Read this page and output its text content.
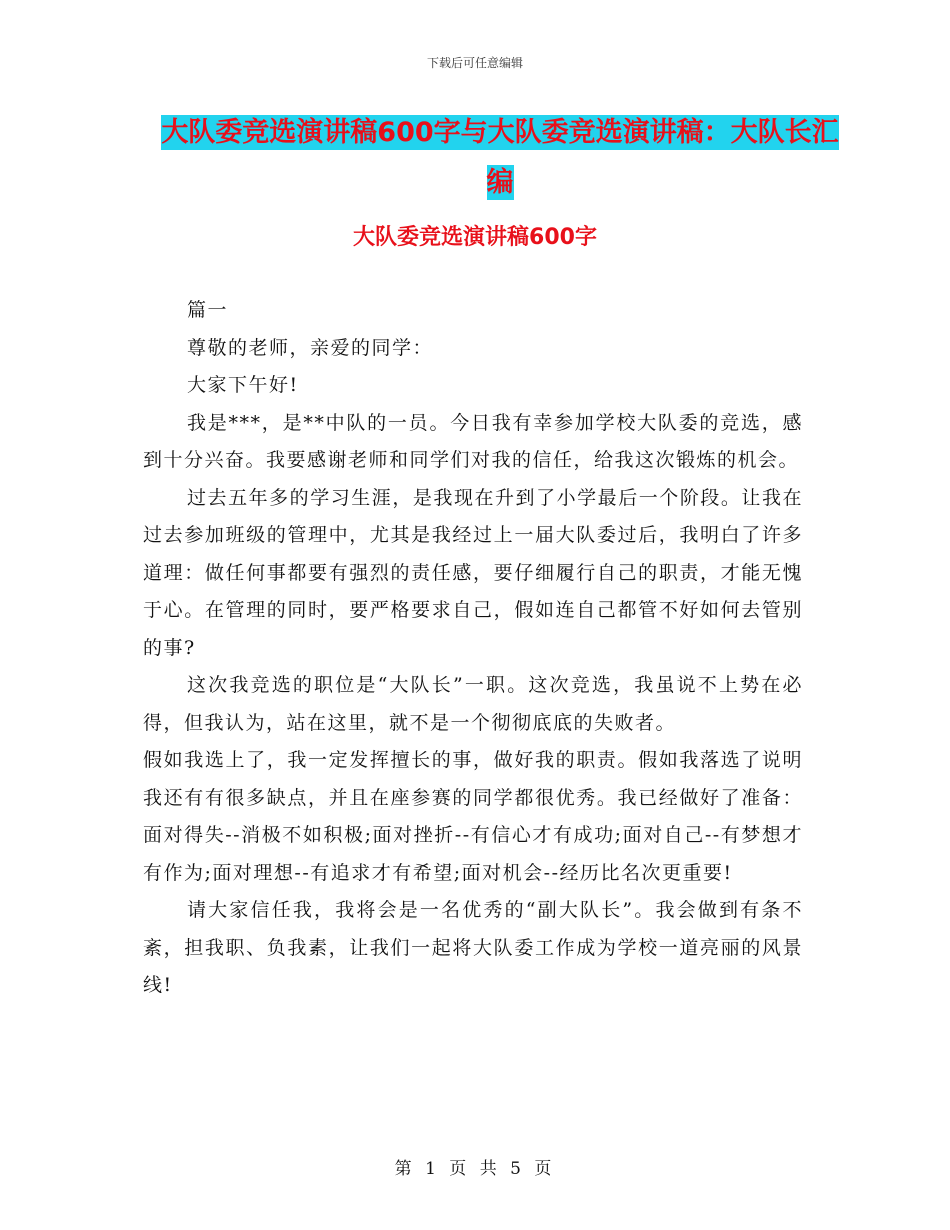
下载后可任意编辑
大队委竞选演讲稿600字与大队委竞选演讲稿：大队长汇编
大队委竞选演讲稿600字

篇一

尊敬的老师，亲爱的同学：

大家下午好!

我是***，是**中队的一员。今日我有幸参加学校大队委的竞选，感到十分兴奋。我要感谢老师和同学们对我的信任，给我这次锻炼的机会。

过去五年多的学习生涯，是我现在升到了小学最后一个阶段。让我在过去参加班级的管理中，尤其是我经过上一届大队委过后，我明白了许多道理：做任何事都要有强烈的责任感，要仔细履行自己的职责，才能无愧于心。在管理的同时，要严格要求自己，假如连自己都管不好如何去管别的事?

这次我竞选的职位是“大队长”一职。这次竞选，我虽说不上势在必得，但我认为，站在这里，就不是一个彻彻底底的失败者。

假如我选上了，我一定发挥擅长的事，做好我的职责。假如我落选了说明我还有有很多缺点，并且在座参赛的同学都很优秀。我已经做好了准备：面对得失--消极不如积极;面对挫折--有信心才有成功;面对自己--有梦想才有作为;面对理想--有追求才有希望;面对机会--经历比名次更重要!

请大家信任我，我将会是一名优秀的“副大队长”。我会做到有条不紊，担我职、负我素，让我们一起将大队委工作成为学校一道亮丽的风景线!

第 1 页 共 5 页
